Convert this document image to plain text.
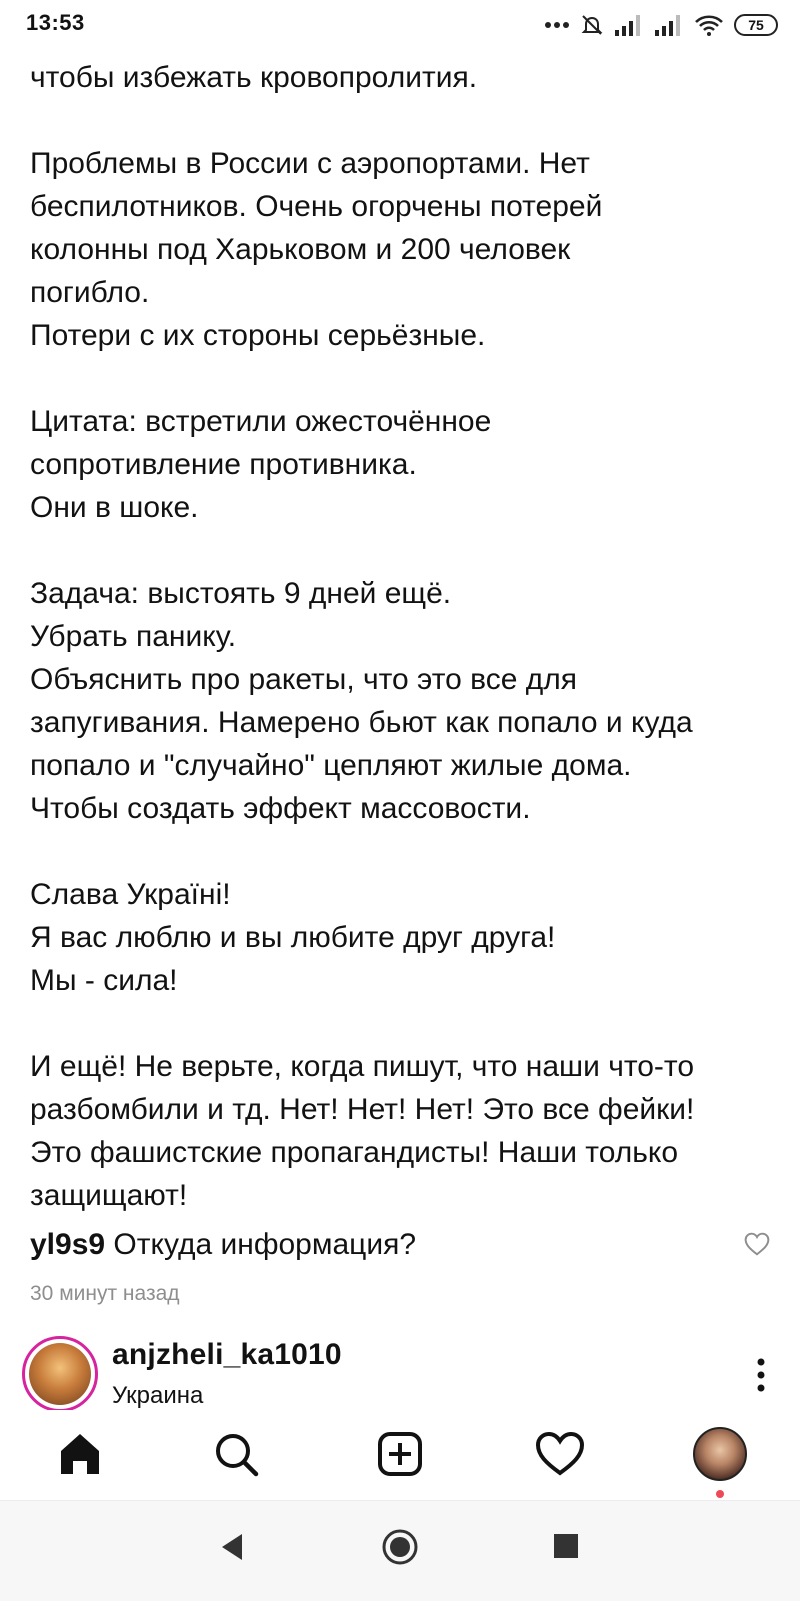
чтобы избежать кровопролития.

Проблемы в России с аэропортами. Нет
беспилотников. Очень огорчены потерей
колонны под Харьковом и 200 человек
погибло.
Потери с их стороны серьёзные.

Цитата: встретили ожесточённое
сопротивление противника.
Они в шоке.

Задача: выстоять 9 дней ещё.
Убрать панику.
Объяснить про ракеты, что это все для
запугивания. Намерено бьют как попало и куда
попало и "случайно" цепляют жилые дома.
Чтобы создать эффект массовости.

Слава Україні!
Я вас люблю и вы любите друг друга!
Мы - сила!

И ещё! Не верьте, когда пишут, что наши что-то
разбомбили и тд. Нет! Нет! Нет! Это все фейки!
Это фашистские пропагандисты! Наши только
защищают!
yl9s9 Откуда информация?
30 минут назад
anjzheli_ka1010
Украина
13:53	75
